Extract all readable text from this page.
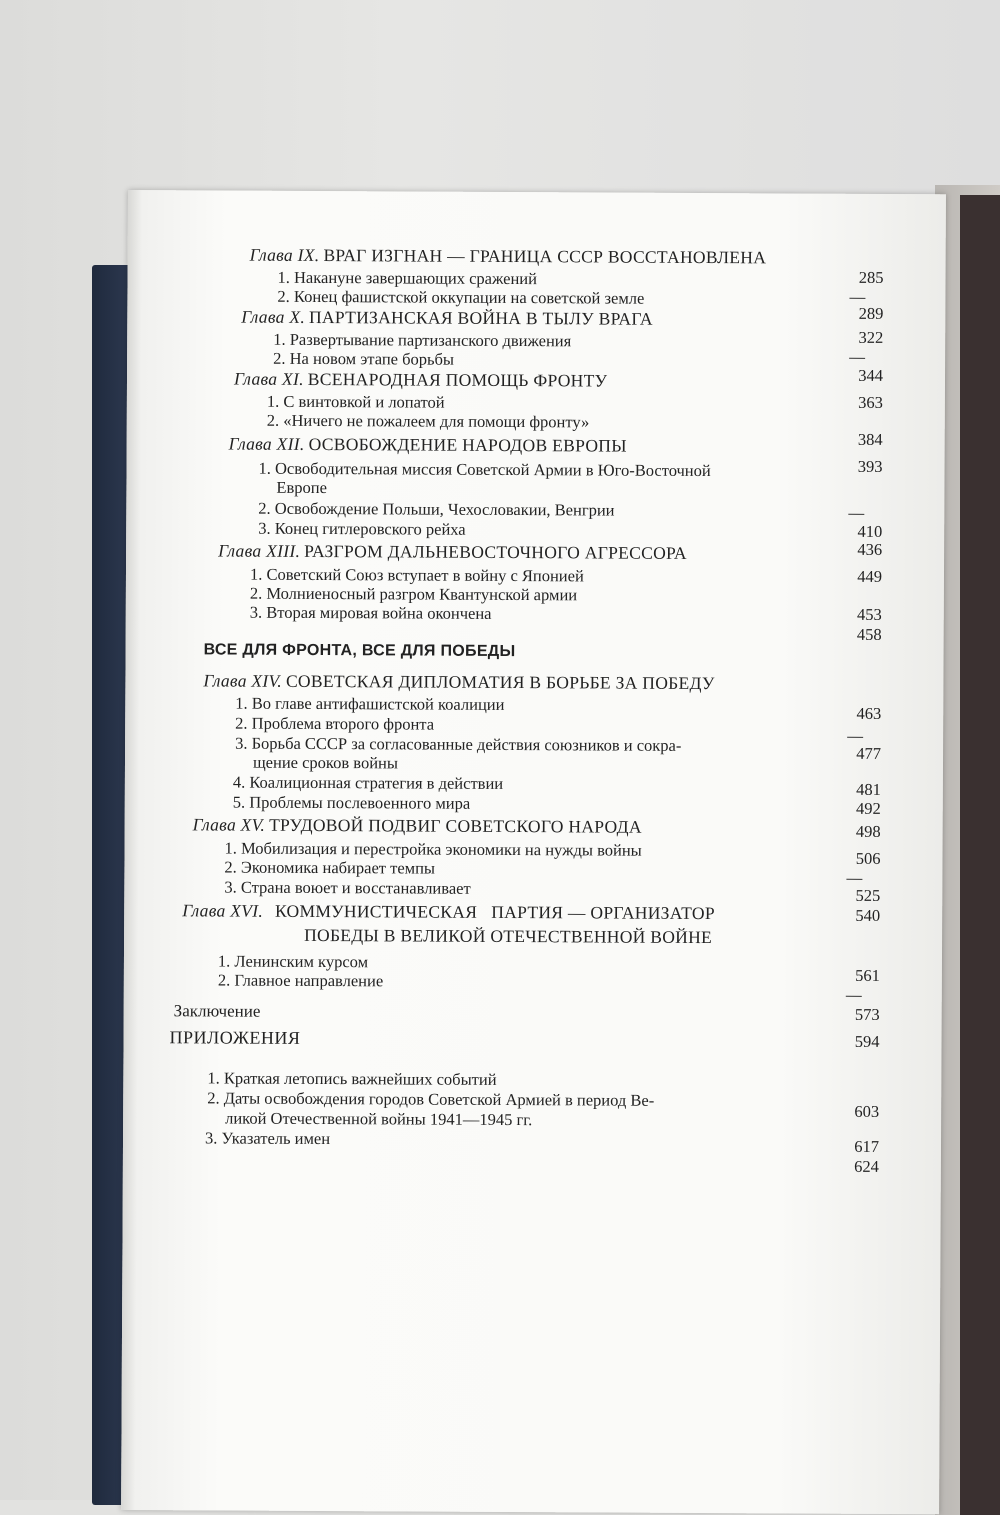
Глава IX. ВРАГ ИЗГНАН — ГРАНИЦА СССР ВОССТАНОВЛЕНА
1. Накануне завершающих сражений
2. Конец фашистской оккупации на советской земле
Глава X. ПАРТИЗАНСКАЯ ВОЙНА В ТЫЛУ ВРАГА
1. Развертывание партизанского движения
2. На новом этапе борьбы
Глава XI. ВСЕНАРОДНАЯ ПОМОЩЬ ФРОНТУ
1. С винтовкой и лопатой
2. «Ничего не пожалеем для помощи фронту»
Глава XII. ОСВОБОЖДЕНИЕ НАРОДОВ ЕВРОПЫ
1. Освободительная миссия Советской Армии в Юго-Восточной
Европе
2. Освобождение Польши, Чехословакии, Венгрии
3. Конец гитлеровского рейха
Глава XIII. РАЗГРОМ ДАЛЬНЕВОСТОЧНОГО АГРЕССОРА
1. Советский Союз вступает в войну с Японией
2. Молниеносный разгром Квантунской армии
3. Вторая мировая война окончена
ВСЕ ДЛЯ ФРОНТА, ВСЕ ДЛЯ ПОБЕДЫ
Глава XIV. СОВЕТСКАЯ ДИПЛОМАТИЯ В БОРЬБЕ ЗА ПОБЕДУ
1. Во главе антифашистской коалиции
2. Проблема второго фронта
3. Борьба СССР за согласованные действия союзников и сокра-
щение сроков войны
4. Коалиционная стратегия в действии
5. Проблемы послевоенного мира
Глава XV. ТРУДОВОЙ ПОДВИГ СОВЕТСКОГО НАРОДА
1. Мобилизация и перестройка экономики на нужды войны
2. Экономика набирает темпы
3. Страна воюет и восстанавливает
Глава XVI. КОММУНИСТИЧЕСКАЯ   ПАРТИЯ — ОРГАНИЗАТОР
ПОБЕДЫ В ВЕЛИКОЙ ОТЕЧЕСТВЕННОЙ ВОЙНЕ
1. Ленинским курсом
2. Главное направление
Заключение
ПРИЛОЖЕНИЯ
1. Краткая летопись важнейших событий
2. Даты освобождения городов Советской Армией в период Ве-
ликой Отечественной войны 1941—1945 гг.
3. Указатель имен
285
289
322
344
363
384
393
410
436
449
453
458
463
477
481
492
498
506
525
540
561
573
594
603
617
624
